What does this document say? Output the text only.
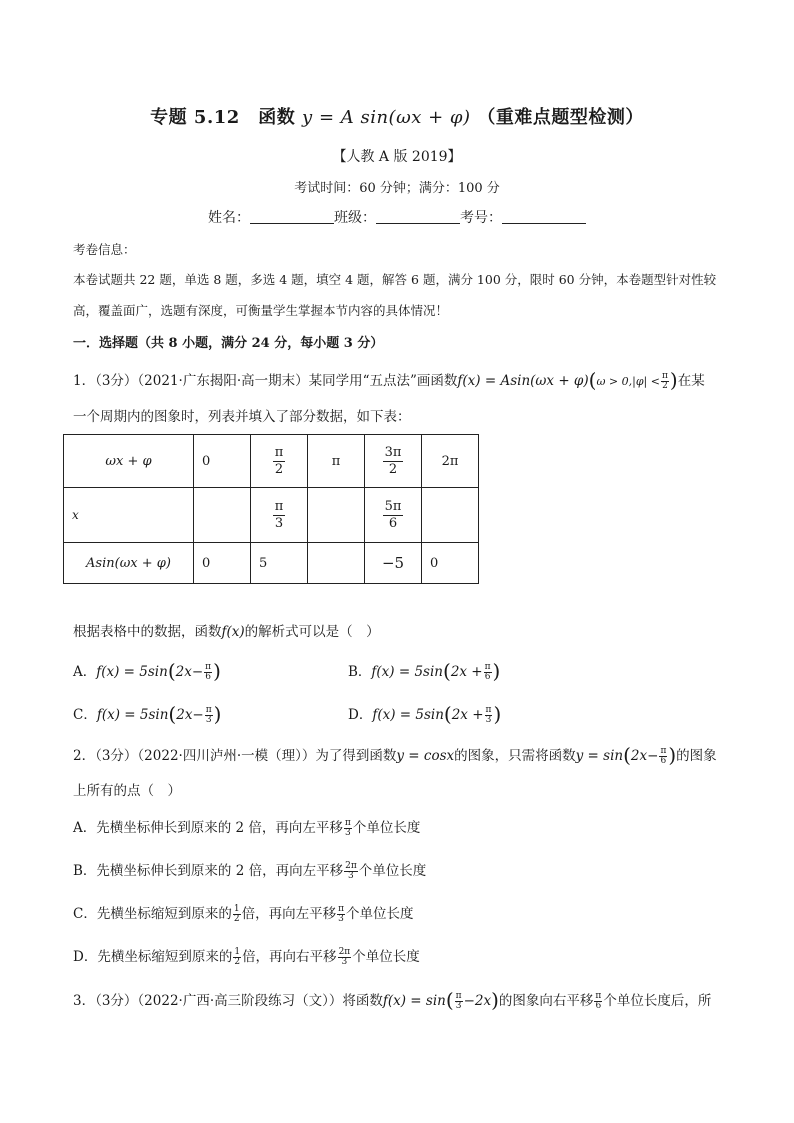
专题 5.12　函数 y = A sin(ωx + φ) （重难点题型检测）
【人教 A 版 2019】
考试时间：60 分钟；满分：100 分
姓名：	班级：	考号：
考卷信息：
本卷试题共 22 题，单选 8 题，多选 4 题，填空 4 题，解答 6 题，满分 100 分，限时 60 分钟，本卷题型针对性较
高，覆盖面广，选题有深度，可衡量学生掌握本节内容的具体情况！
一．选择题（共 8 小题，满分 24 分，每小题 3 分）
1．（3分）（2021·广东揭阳·高一期末）某同学用“五点法”画函数$f(x) = Asin(\omega x + \varphi)(\omega > 0,|\varphi| < \frac{\pi}{2}$ )在某
一个周期内的图象时，列表并填入了部分数据，如下表：
ωx + φ	0	$\frac{\pi}{2}$	π	$\frac{3\pi}{2}$	2π
x		$\frac{\pi}{3}$		$\frac{5\pi}{6}$	
Asin(ωx + φ)	0	5		−5	0
根据表格中的数据，函数f(x)的解析式可以是（　）
A．$f(x) = 5\sin(2x- \frac{\pi}{6}$ )	B．$f(x) = 5\sin(2x + \frac{\pi}{6}$ )
C．$f(x) = 5\sin(2x- \frac{\pi}{3}$ )	D．$f(x) = 5\sin(2x + \frac{\pi}{3}$ )
2．（3分）（2022·四川泸州·一模（理））为了得到函数y = cosx的图象，只需将函数$y = \sin(2x- \frac{\pi}{6}$ )的图象
上所有的点（　）
A．先横坐标伸长到原来的 2 倍，再向左平移 $\frac{\pi}{3}$ 个单位长度
B．先横坐标伸长到原来的 2 倍，再向左平移 $\frac{2\pi}{3}$ 个单位长度
C．先横坐标缩短到原来的 $\frac{1}{2}$ 倍，再向左平移 $\frac{\pi}{3}$ 个单位长度
D．先横坐标缩短到原来的 $\frac{1}{2}$ 倍，再向右平移 $\frac{2\pi}{3}$ 个单位长度
3．（3分）（2022·广西·高三阶段练习（文））将函数$f(x) = \sin( \frac{\pi}{3} -2x)$的图象向右平移 $\frac{\pi}{6}$ 个单位长度后，所
